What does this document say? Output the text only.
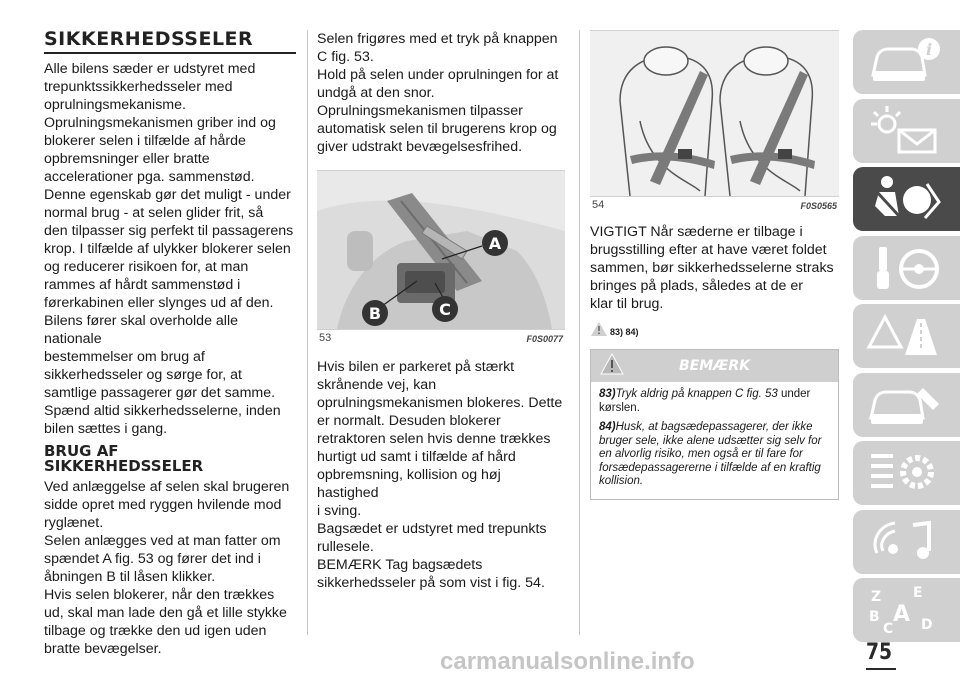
SIKKERHEDSSELER

Alle bilens sæder er udstyret med
trepunktssikkerhedsseler med
oprulningsmekanisme.
Oprulningsmekanismen griber ind og
blokerer selen i tilfælde af hårde
opbremsninger eller bratte
accelerationer pga. sammenstød.
Denne egenskab gør det muligt - under
normal brug - at selen glider frit, så
den tilpasser sig perfekt til passagerens
krop. I tilfælde af ulykker blokerer selen
og reducerer risikoen for, at man
rammes af hårdt sammenstød i
førerkabinen eller slynges ud af den.
Bilens fører skal overholde alle nationale
bestemmelser om brug af
sikkerhedsseler og sørge for, at
samtlige passagerer gør det samme.
Spænd altid sikkerhedsselerne, inden
bilen sættes i gang.

BRUG AF
SIKKERHEDSSELER

Ved anlæggelse af selen skal brugeren
sidde opret med ryggen hvilende mod
ryglænet.
Selen anlægges ved at man fatter om
spændet A fig. 53 og fører det ind i
åbningen B til låsen klikker.
Hvis selen blokerer, når den trækkes
ud, skal man lade den gå et lille stykke
tilbage og trække den ud igen uden
bratte bevægelser.

Selen frigøres med et tryk på knappen
C fig. 53.
Hold på selen under oprulningen for at
undgå at den snor.
Oprulningsmekanismen tilpasser
automatisk selen til brugerens krop og
giver udstrakt bevægelsesfrihed.

A
B	C
53	F0S0077

Hvis bilen er parkeret på stærkt
skrånende vej, kan
oprulningsmekanismen blokeres. Dette
er normalt. Desuden blokerer
retraktoren selen hvis denne trækkes
hurtigt ud samt i tilfælde af hård
opbremsning, kollision og høj hastighed
i sving.
Bagsædet er udstyret med trepunkts
rullesele.
BEMÆRK Tag bagsædets
sikkerhedsseler på som vist i fig. 54.

54	F0S0565

VIGTIGT Når sæderne er tilbage i
brugsstilling efter at have været foldet
sammen, bør sikkerhedsselerne straks
bringes på plads, således at de er
klar til brug.

83) 84)
BEMÆRK
83)Tryk aldrig på knappen C fig. 53 under
kørslen.
84)Husk, at bagsædepassagerer, der ikke bruger sele, ikke alene udsætter sig selv for en alvorlig risiko, men også er til fare for forsædepassagererne i tilfælde af en kraftig kollision.
i
Z E
B A
C D
75
carmanualsonline.info
